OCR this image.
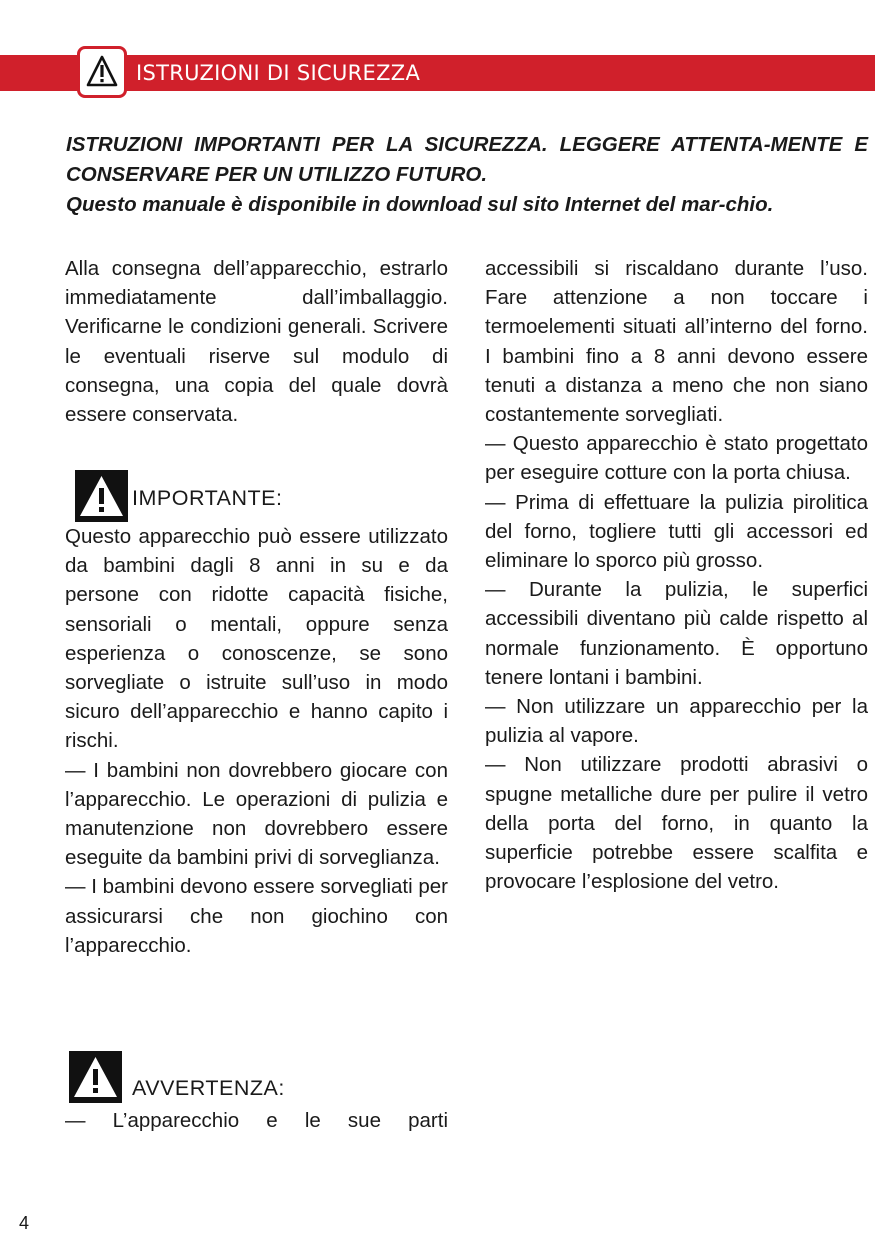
ISTRUZIONI DI SICUREZZA

ISTRUZIONI IMPORTANTI PER LA SICUREZZA. LEGGERE ATTENTA-MENTE E CONSERVARE PER UN UTILIZZO FUTURO.

Questo manuale è disponibile in download sul sito Internet del mar-chio.

Alla consegna dell’apparecchio, estrarlo immediatamente dall’imballaggio. Verificarne le condizioni generali. Scrivere le eventuali riserve sul modulo di consegna, una copia del quale dovrà essere conservata.

IMPORTANTE:

Questo apparecchio può essere utilizzato da bambini dagli 8 anni in su e da persone con ridotte capacità fisiche, sensoriali o mentali, oppure senza esperienza o conoscenze, se sono sorvegliate o istruite sull’uso in modo sicuro dell’apparecchio e hanno capito i rischi.

— I bambini non dovrebbero giocare con l’apparecchio. Le operazioni di pulizia e manutenzione non dovrebbero essere eseguite da bambini privi di sorveglianza.

— I bambini devono essere sorvegliati per assicurarsi che non giochino con l’apparecchio.

AVVERTENZA:

— L’apparecchio e le sue parti

accessibili si riscaldano durante l’uso. Fare attenzione a non toccare i termoelementi situati all’interno del forno. I bambini fino a 8 anni devono essere tenuti a distanza a meno che non siano costantemente sorvegliati.

— Questo apparecchio è stato progettato per eseguire cotture con la porta chiusa.

— Prima di effettuare la pulizia pirolitica del forno, togliere tutti gli accessori ed eliminare lo sporco più grosso.

— Durante la pulizia, le superfici accessibili diventano più calde rispetto al normale funzionamento. È opportuno tenere lontani i bambini.

— Non utilizzare un apparecchio per la pulizia al vapore.

— Non utilizzare prodotti abrasivi o spugne metalliche dure per pulire il vetro della porta del forno, in quanto la superficie potrebbe essere scalfita e provocare l’esplosione del vetro.

4
